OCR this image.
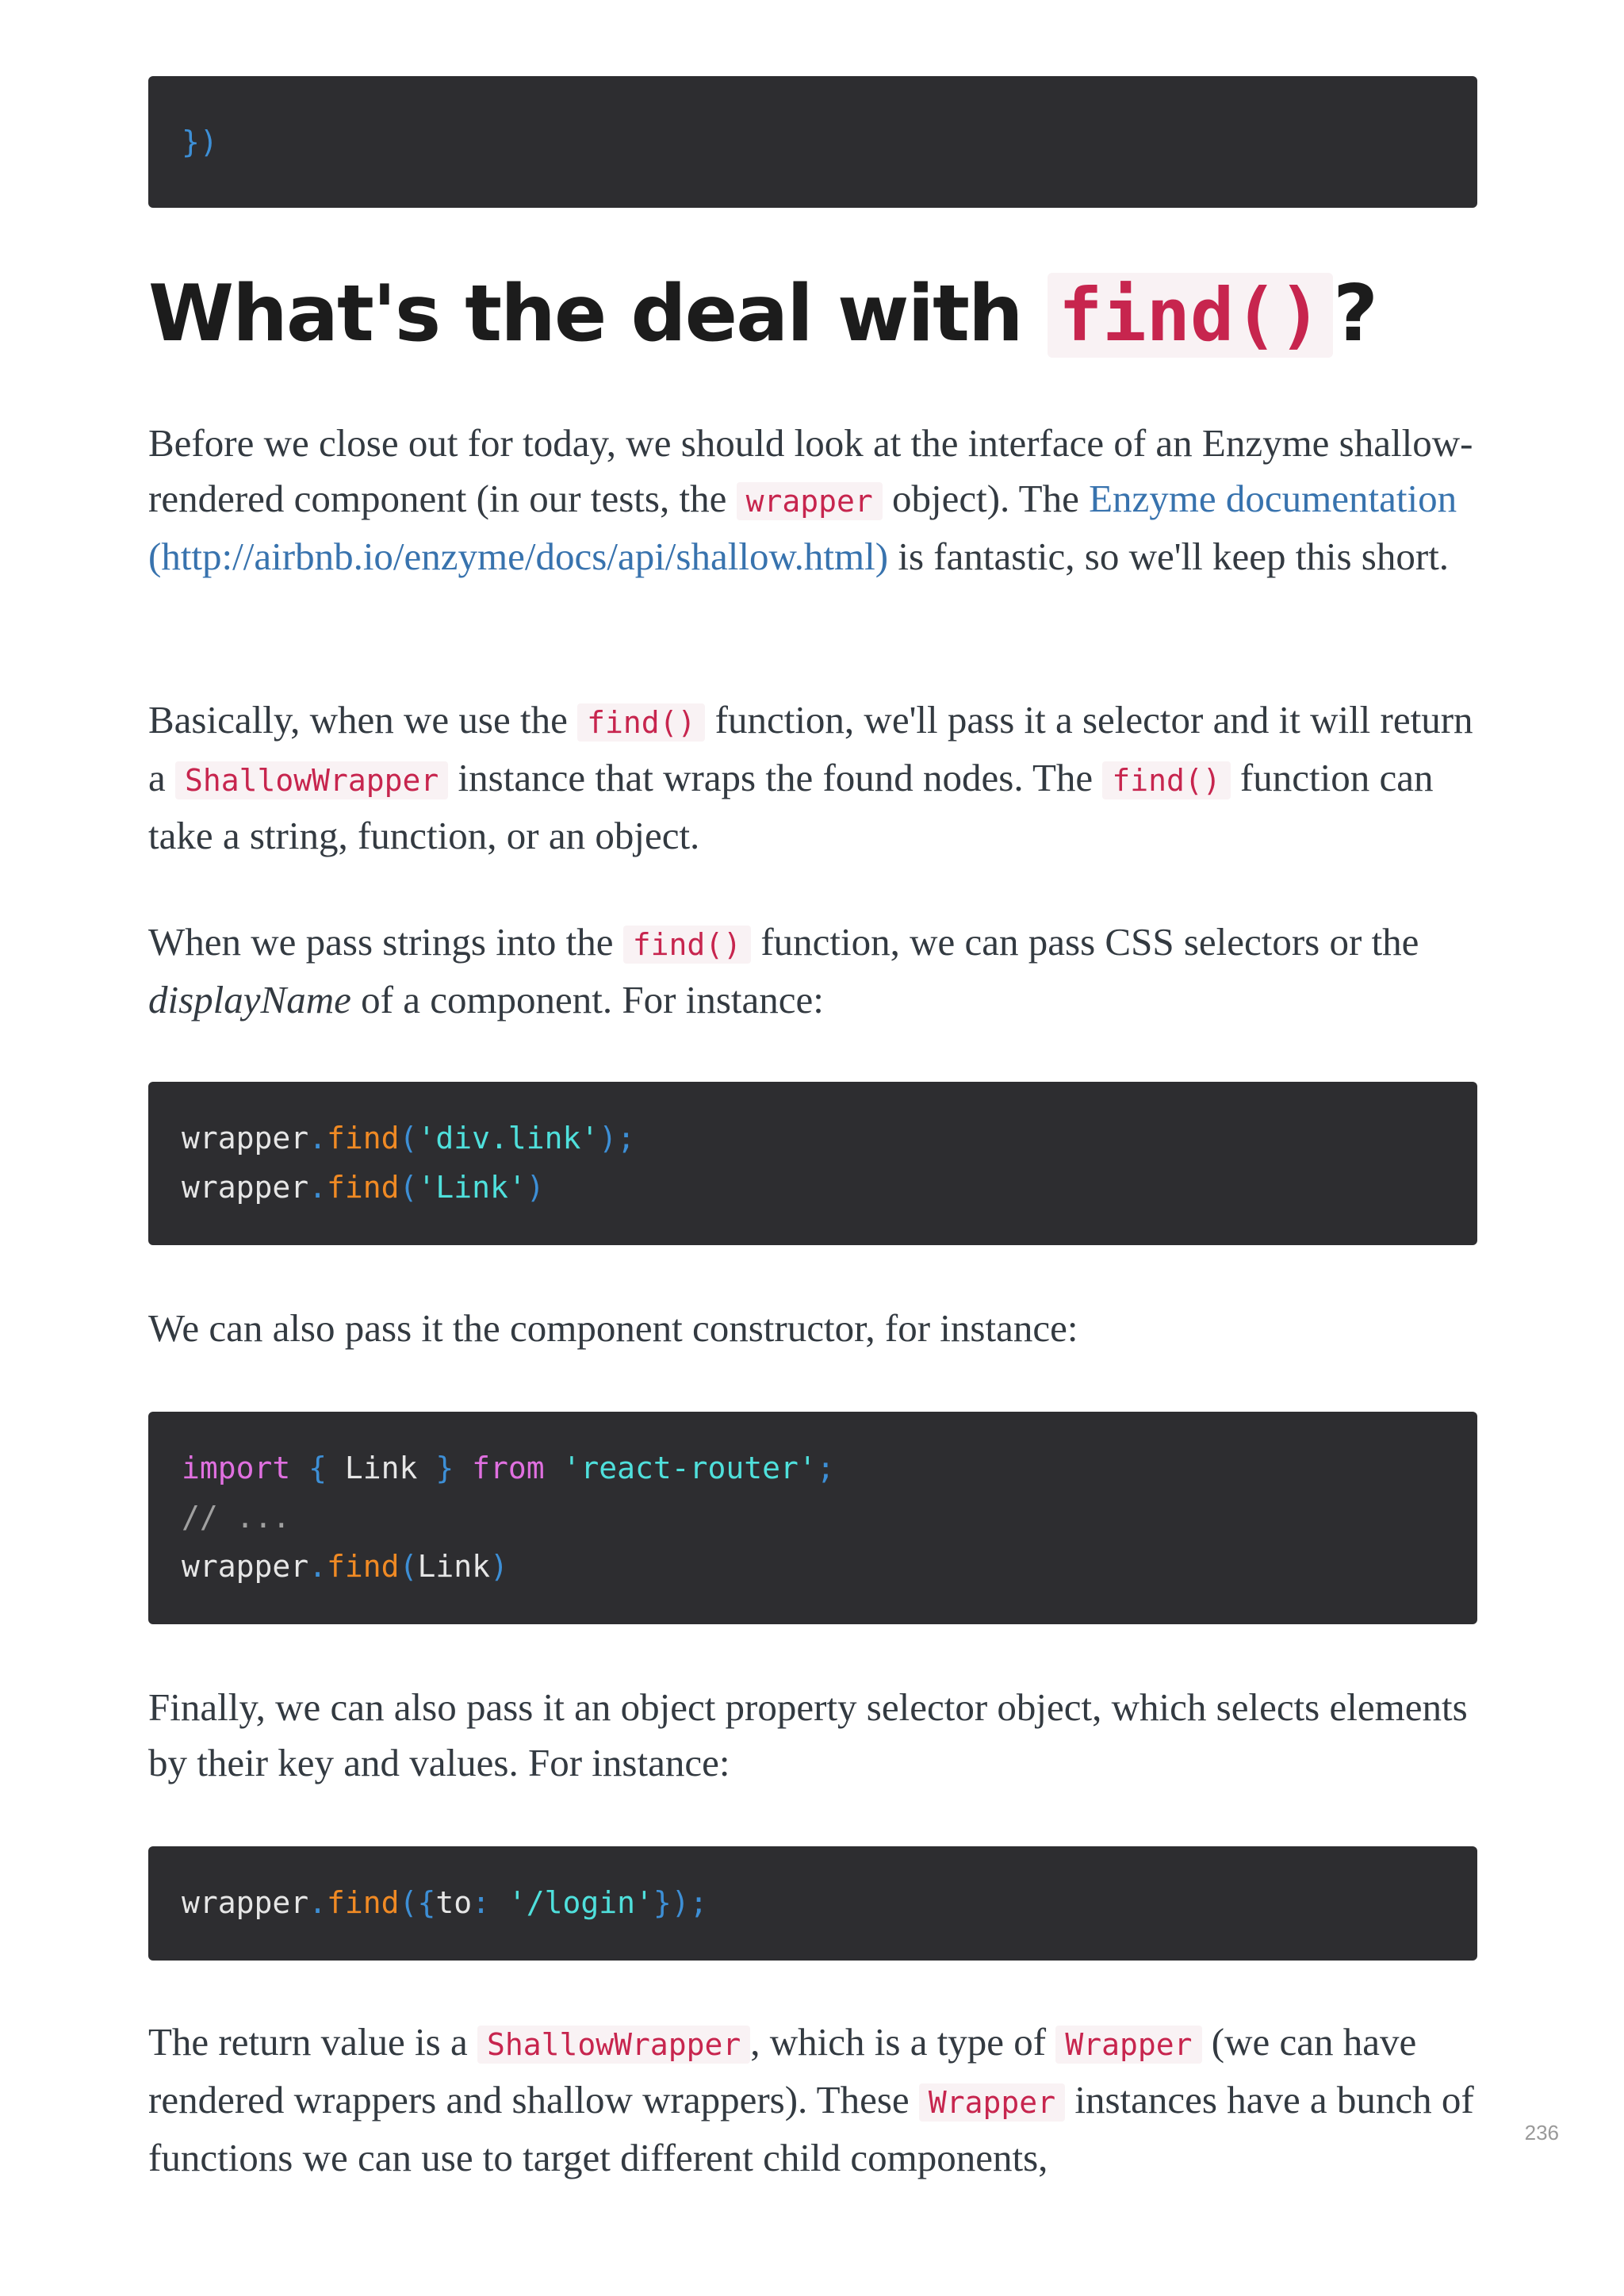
})
What's the deal with find() ?

Before we close out for today, we should look at the interface of an Enzyme shallow-rendered component (in our tests, the wrapper object). The Enzyme documentation (http://airbnb.io/enzyme/docs/api/shallow.html) is fantastic, so we'll keep this short.

Basically, when we use the find() function, we'll pass it a selector and it will return a ShallowWrapper instance that wraps the found nodes. The find() function can take a string, function, or an object.

When we pass strings into the find() function, we can pass CSS selectors or the displayName of a component. For instance:

wrapper.find('div.link');
wrapper.find('Link')

We can also pass it the component constructor, for instance:

import { Link } from 'react-router';
// ...
wrapper.find(Link)

Finally, we can also pass it an object property selector object, which selects elements by their key and values. For instance:

wrapper.find({to: '/login'});

The return value is a ShallowWrapper , which is a type of Wrapper (we can have rendered wrappers and shallow wrappers). These Wrapper instances have a bunch of functions we can use to target different child components,

236
